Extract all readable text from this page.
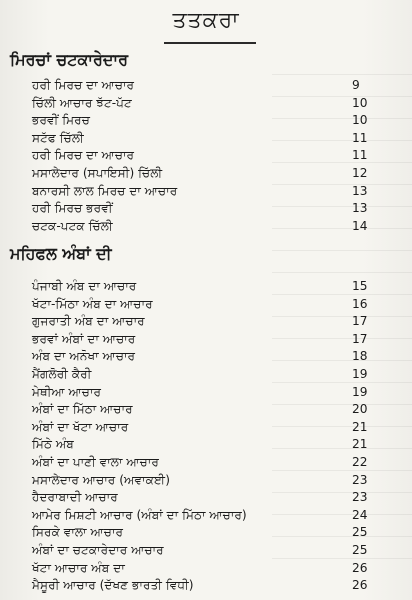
ਤਤਕਰਾ
ਮਿਰਚਾਂ ਚਟਕਾਰੇਦਾਰ
ਹਰੀ ਮਿਰਚ ਦਾ ਆਚਾਰ	9
ਚਿੱਲੀ ਆਚਾਰ ਝੱਟ-ਪੱਟ	10
ਭਰਵੀਂ ਮਿਰਚ	10
ਸਟੱਫ ਚਿੱਲੀ	11
ਹਰੀ ਮਿਰਚ ਦਾ ਆਚਾਰ	11
ਮਸਾਲੇਦਾਰ (ਸਪਾਇਸੀ) ਚਿੱਲੀ	12
ਬਨਾਰਸੀ ਲਾਲ ਮਿਰਚ ਦਾ ਆਚਾਰ	13
ਹਰੀ ਮਿਰਚ ਭਰਵੀਂ	13
ਚਟਕ-ਪਟਕ ਚਿੱਲੀ	14
ਮਹਿਫਲ ਅੰਬਾਂ ਦੀ
ਪੰਜਾਬੀ ਅੰਬ ਦਾ ਆਚਾਰ	15
ਖੱਟਾ-ਮਿੱਠਾ ਅੰਬ ਦਾ ਆਚਾਰ	16
ਗੁਜਰਾਤੀ ਅੰਬ ਦਾ ਆਚਾਰ	17
ਭਰਵਾਂ ਅੰਬਾਂ ਦਾ ਆਚਾਰ	17
ਅੰਬ ਦਾ ਅਨੋਖਾ ਆਚਾਰ	18
ਮੈਂਗਲੋਰੀ ਕੈਰੀ	19
ਮੇਥੀਆ ਆਚਾਰ	19
ਅੰਬਾਂ ਦਾ ਮਿੱਠਾ ਆਚਾਰ	20
ਅੰਬਾਂ ਦਾ ਖੱਟਾ ਆਚਾਰ	21
ਮਿੱਠੇ ਅੰਬ	21
ਅੰਬਾਂ ਦਾ ਪਾਣੀ ਵਾਲਾ ਆਚਾਰ	22
ਮਸਾਲੇਦਾਰ ਆਚਾਰ (ਅਵਾਕਈ)	23
ਹੈਦਰਾਬਾਦੀ ਆਚਾਰ	23
ਆਮੇਰ ਮਿਸ਼ਟੀ ਆਚਾਰ (ਅੰਬਾਂ ਦਾ ਮਿੱਠਾ ਆਚਾਰ)	24
ਸਿਰਕੇ ਵਾਲਾ ਆਚਾਰ	25
ਅੰਬਾਂ ਦਾ ਚਟਕਾਰੇਦਾਰ ਆਚਾਰ	25
ਖੱਟਾ ਆਚਾਰ ਅੰਬ ਦਾ	26
ਮੈਸੂਰੀ ਆਚਾਰ (ਦੱਖਣ ਭਾਰਤੀ ਵਿਧੀ)	26
